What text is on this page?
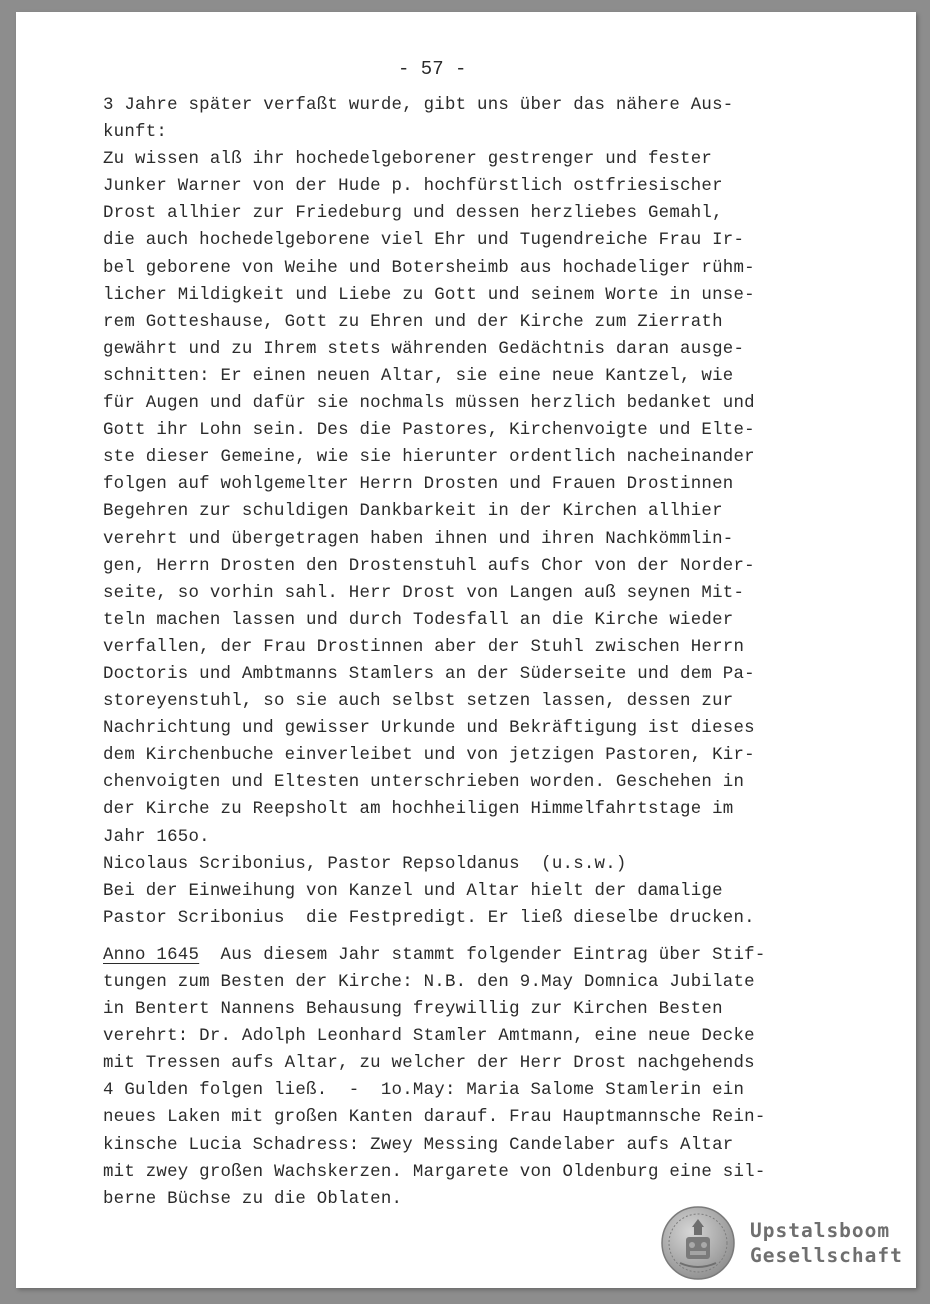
- 57 -
3 Jahre später verfaßt wurde, gibt uns über das nähere Aus-
kunft:
Zu wissen alß ihr hochedelgeborener gestrenger und fester
Junker Warner von der Hude p. hochfürstlich ostfriesischer
Drost allhier zur Friedeburg und dessen herzliebes Gemahl,
die auch hochedelgeborene viel Ehr und Tugendreiche Frau Ir-
bel geborene von Weihe und Botersheimb aus hochadeliger rühm-
licher Mildigkeit und Liebe zu Gott und seinem Worte in unse-
rem Gotteshause, Gott zu Ehren und der Kirche zum Zierrath
gewährt und zu Ihrem stets währenden Gedächtnis daran ausge-
schnitten: Er einen neuen Altar, sie eine neue Kantzel, wie
für Augen und dafür sie nochmals müssen herzlich bedanket und
Gott ihr Lohn sein. Des die Pastores, Kirchenvoigte und Elte-
ste dieser Gemeine, wie sie hierunter ordentlich nacheinander
folgen auf wohlgemelter Herrn Drosten und Frauen Drostinnen
Begehren zur schuldigen Dankbarkeit in der Kirchen allhier
verehrt und übergetragen haben ihnen und ihren Nachkömmlin-
gen, Herrn Drosten den Drostenstuhl aufs Chor von der Norder-
seite, so vorhin sahl. Herr Drost von Langen auß seynen Mit-
teln machen lassen und durch Todesfall an die Kirche wieder
verfallen, der Frau Drostinnen aber der Stuhl zwischen Herrn
Doctoris und Ambtmanns Stamlers an der Süderseite und dem Pa-
storeyenstuhl, so sie auch selbst setzen lassen, dessen zur
Nachrichtung und gewisser Urkunde und Bekräftigung ist dieses
dem Kirchenbuche einverleibet und von jetzigen Pastoren, Kir-
chenvoigten und Eltesten unterschrieben worden. Geschehen in
der Kirche zu Reepsholt am hochheiligen Himmelfahrtstage im
Jahr 165o.
Nicolaus Scribonius, Pastor Repsoldanus  (u.s.w.)
Bei der Einweihung von Kanzel und Altar hielt der damalige
Pastor Scribonius  die Festpredigt. Er ließ dieselbe drucken.
Anno 1645  Aus diesem Jahr stammt folgender Eintrag über Stif-
tungen zum Besten der Kirche: N.B. den 9.May Domnica Jubilate
in Bentert Nannens Behausung freywillig zur Kirchen Besten
verehrt: Dr. Adolph Leonhard Stamler Amtmann, eine neue Decke
mit Tressen aufs Altar, zu welcher der Herr Drost nachgehends
4 Gulden folgen ließ.  -  1o.May: Maria Salome Stamlerin ein
neues Laken mit großen Kanten darauf. Frau Hauptmannsche Rein-
kinsche Lucia Schadress: Zwey Messing Candelaber aufs Altar
mit zwey großen Wachskerzen. Margarete von Oldenburg eine sil-
berne Büchse zu die Oblaten.
Upstalsboom
Gesellschaft
